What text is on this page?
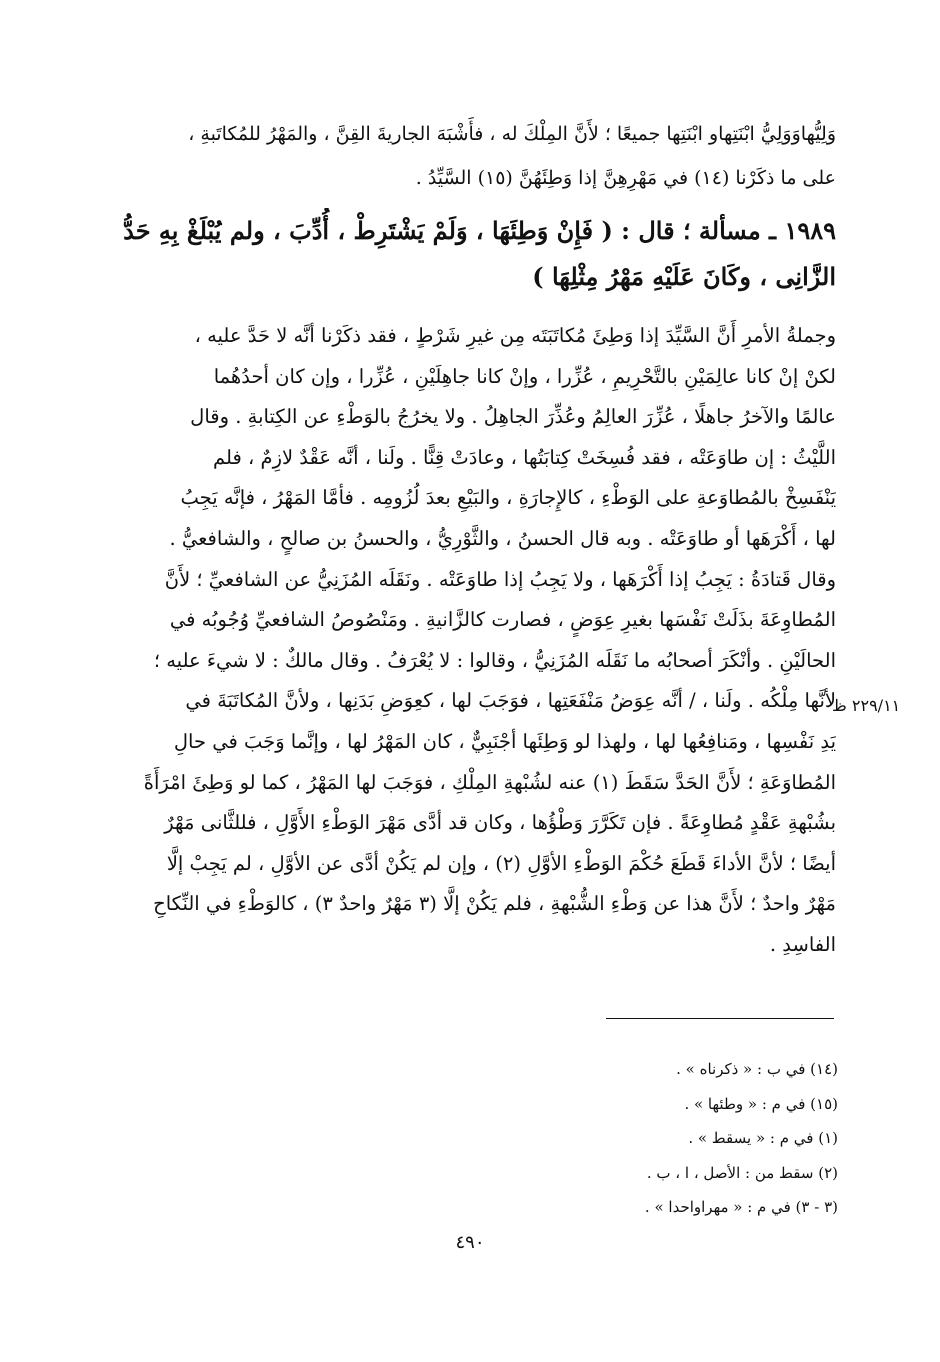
وَلِيُّهاوَوَلِيُّ ابْنَتِهاو ابْنَتِها جميعًا ؛ لأَنَّ المِلْكَ له ، فأَشْبَهَ الجاريةَ القِنَّ ، والمَهْرُ للمُكاتَبةِ ،
على ما ذكَرْنا (١٤) في مَهْرِهِنَّ إذا وَطِئَهُنَّ (١٥) السَّيِّدُ .
١٩٨٩ ـ مسألة ؛ قال : ( فَإِنْ وَطِئَهَا ، وَلَمْ يَشْتَرِطْ ، أُدِّبَ ، ولم يُبْلَغْ بِهِ حَدُّ
الزَّانِى ، وكَانَ عَلَيْهِ مَهْرُ مِثْلِهَا )
وجملةُ الأمرِ أَنَّ السَّيِّدَ إذا وَطِئَ مُكاتَبَتَه مِن غيرِ شَرْطٍ ، فقد ذكَرْنا أنَّه لا حَدَّ عليه ،
لكنْ إنْ كانا عالِمَيْنِ بالتَّحْرِيمِ ، عُزِّرا ، وإنْ كانا جاهِلَيْنِ ، عُزِّرا ، وإن كان أحدُهُما
عالمًا والآخرُ جاهلًا ، عُزِّرَ العالِمُ وعُذِّرَ الجاهِلُ . ولا يخرُجُ بالوَطْءِ عن الكِتابةِ . وقال
اللَّيْثُ : إن طاوَعَتْه ، فقد فُسِخَتْ كِتابَتُها ، وعادَتْ قِنًّا . ولَنا ، أنَّه عَقْدٌ لازِمٌ ، فلم
يَنْفَسِخْ بالمُطاوَعةِ على الوَطْءِ ، كالإِجارَةِ ، والبَيْعِ بعدَ لُزُومِه . فأمَّا المَهْرُ ، فإنَّه يَجِبُ
لها ، أَكْرَهَها أو طاوَعَتْه . وبه قال الحسنُ ، والثَّوْرِيُّ ، والحسنُ بن صالحٍ ، والشافعيُّ .
وقال قَتادَةُ : يَجِبُ إذا أَكْرَهَها ، ولا يَجِبُ إذا طاوَعَتْه . ونَقَلَه المُزَنِيُّ عن الشافعيِّ ؛ لأَنَّ
المُطاوِعَةَ بذَلَتْ نَفْسَها بغيرِ عِوَضٍ ، فصارت كالزَّانيةِ . ومَنْصُوصُ الشافعيِّ وُجُوبُه في
الحالَيْنِ . وأنْكَرَ أصحابُه ما نَقَلَه المُزَنِيُّ ، وقالوا : لا يُعْرَفُ . وقال مالكٌ : لا شيءَ عليه ؛
لأنَّها مِلْكُه . ولَنا ، / أنَّه عِوَضُ مَنْفَعَتِها ، فوَجَبَ لها ، كعِوَضِ بَدَنِها ، ولأنَّ المُكاتَبَةَ في
يَدِ نَفْسِها ، ومَنافِعُها لها ، ولهذا لو وَطِئَها أجْنَبِيٌّ ، كان المَهْرُ لها ، وإنَّما وَجَبَ في حالِ
المُطاوَعَةِ ؛ لأَنَّ الحَدَّ سَقَطَ (١) عنه لشُبْهةِ المِلْكِ ، فوَجَبَ لها المَهْرُ ، كما لو وَطِئَ امْرَأَةً
بشُبْهةِ عَقْدٍ مُطاوِعَةً . فإن تَكَرَّرَ وَطْؤُها ، وكان قد أدَّى مَهْرَ الوَطْءِ الأَوَّلِ ، فللثَّانى مَهْرٌ
أيضًا ؛ لأنَّ الأداءَ قَطَعَ حُكْمَ الوَطْءِ الأوَّلِ (٢) ، وإن لم يَكُنْ أدَّى عن الأوَّلِ ، لم يَجِبْ إلَّا
مَهْرٌ واحدٌ ؛ لأَنَّ هذا عن وَطْءِ الشُّبْهةِ ، فلم يَكُنْ إلَّا (٣ مَهْرٌ واحدٌ ٣) ، كالوَطْءِ في النِّكاحِ
الفاسِدِ .
٢٢٩/١١ ظ
(١٤) في ب : « ذكرناه » .
(١٥) في م : « وطئها » .
(١) في م : « يسقط » .
(٢) سقط من : الأصل ، ا ، ب .
(٣ - ٣) في م : « مهراواحدا » .
٤٩٠
